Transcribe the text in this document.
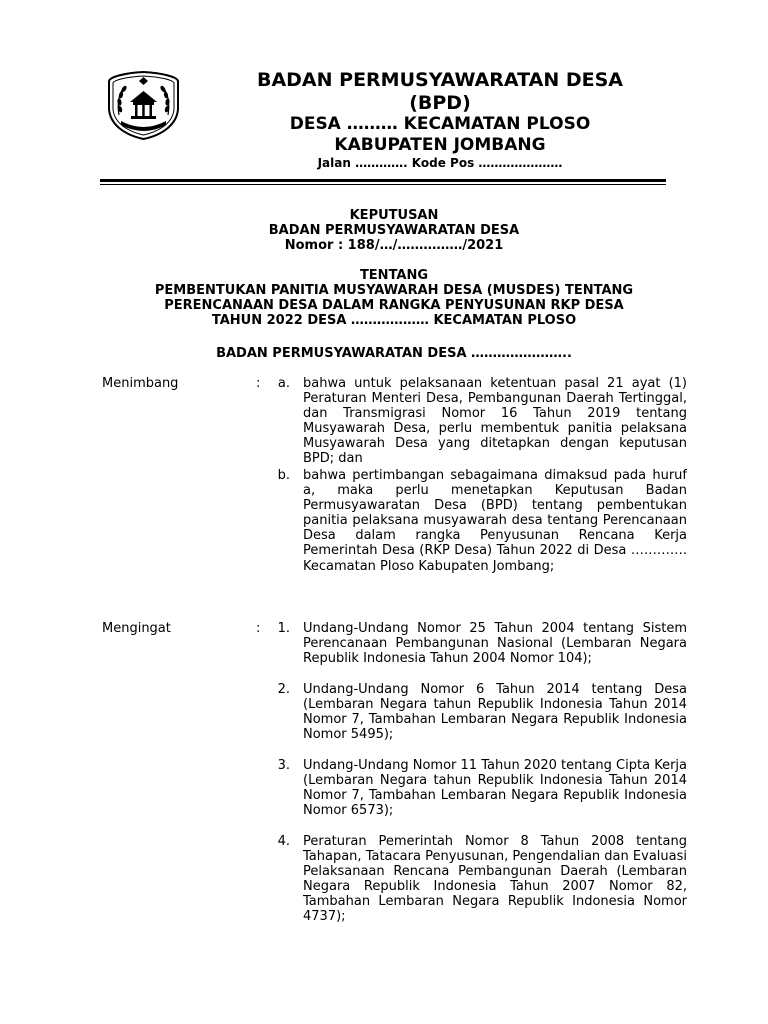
BADAN PERMUSYAWARATAN DESA
(BPD)
DESA ……… KECAMATAN PLOSO
KABUPATEN JOMBANG
Jalan …………. Kode Pos …………………
KEPUTUSAN
BADAN PERMUSYAWARATAN DESA
Nomor : 188/…/……………/2021
TENTANG
PEMBENTUKAN PANITIA MUSYAWARAH DESA (MUSDES) TENTANG
PERENCANAAN DESA DALAM RANGKA PENYUSUNAN RKP DESA
TAHUN 2022 DESA ……………… KECAMATAN PLOSO
BADAN PERMUSYAWARATAN DESA …………………..
Menimbang	:	a. bahwa untuk pelaksanaan ketentuan pasal 21 ayat (1) Peraturan Menteri Desa, Pembangunan Daerah Tertinggal, dan Transmigrasi Nomor 16 Tahun 2019 tentang Musyawarah Desa, perlu membentuk panitia pelaksana Musyawarah Desa yang ditetapkan dengan keputusan BPD; dan
b. bahwa pertimbangan sebagaimana dimaksud pada huruf a, maka perlu menetapkan Keputusan Badan Permusyawaratan Desa (BPD) tentang pembentukan panitia pelaksana musyawarah desa tentang Perencanaan Desa dalam rangka Penyusunan Rencana Kerja Pemerintah Desa (RKP Desa) Tahun 2022 di Desa …………. Kecamatan Ploso Kabupaten Jombang;
Mengingat	:	1. Undang-Undang Nomor 25 Tahun 2004 tentang Sistem Perencanaan Pembangunan Nasional (Lembaran Negara Republik Indonesia Tahun 2004 Nomor 104);
2. Undang-Undang Nomor 6 Tahun 2014 tentang Desa (Lembaran Negara tahun Republik Indonesia Tahun 2014 Nomor 7, Tambahan Lembaran Negara Republik Indonesia Nomor 5495);
3. Undang-Undang Nomor 11 Tahun 2020 tentang Cipta Kerja (Lembaran Negara tahun Republik Indonesia Tahun 2014 Nomor 7, Tambahan Lembaran Negara Republik Indonesia Nomor 6573);
4. Peraturan Pemerintah Nomor 8 Tahun 2008 tentang Tahapan, Tatacara Penyusunan, Pengendalian dan Evaluasi Pelaksanaan Rencana Pembangunan Daerah (Lembaran Negara Republik Indonesia Tahun 2007 Nomor 82, Tambahan Lembaran Negara Republik Indonesia Nomor 4737);
